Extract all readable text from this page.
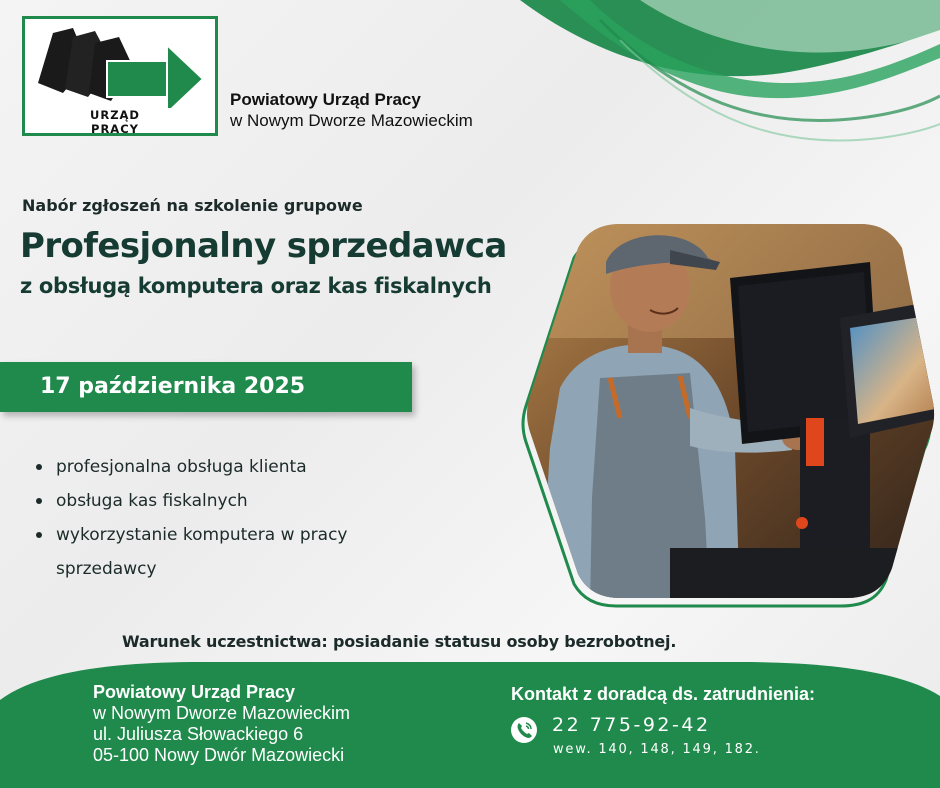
URZĄD PRACY
Powiatowy Urząd Pracy
w Nowym Dworze Mazowieckim
Nabór zgłoszeń na szkolenie grupowe
Profesjonalny sprzedawca
z obsługą komputera oraz kas fiskalnych
17 października 2025
profesjonalna obsługa klienta
obsługa kas fiskalnych
wykorzystanie komputera w pracy sprzedawcy
Warunek uczestnictwa: posiadanie statusu osoby bezrobotnej.
Powiatowy Urząd Pracy
w Nowym Dworze Mazowieckim
ul. Juliusza Słowackiego 6
05-100 Nowy Dwór Mazowiecki
Kontakt z doradcą ds. zatrudnienia:
22 775-92-42
wew. 140, 148, 149, 182.
